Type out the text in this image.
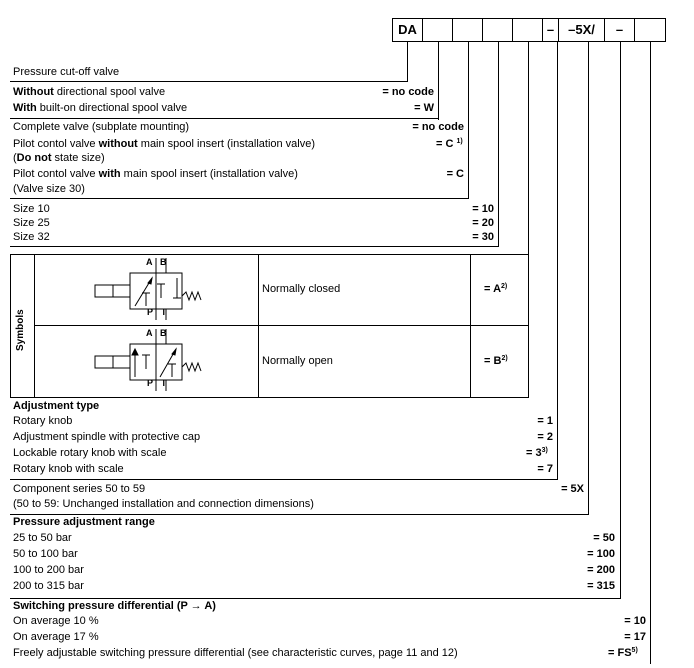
DA	–	–5X/	–
Pressure cut-off valve
Without directional spool valve	= no code
With built-on directional spool valve	= W
Complete valve (subplate mounting)	= no code
Pilot contol valve without main spool insert (installation valve)	= C $^{1)}$
(Do not state size)
Pilot contol valve with main spool insert (installation valve)	= C
(Valve size 30)
Size 10	= 10
Size 25	= 20
Size 32	= 30
Symbols
A B
P T
Normally closed	= $A^{2)}$
A B
P T
Normally open	= $B^{2)}$
Adjustment type
Rotary knob	= 1
Adjustment spindle with protective cap	= 2
Lockable rotary knob with scale	= $3^{3)}$
Rotary knob with scale	= 7
Component series 50 to 59	= 5X
(50 to 59: Unchanged installation and connection dimensions)
Pressure adjustment range
25 to 50 bar	= 50
50 to 100 bar	= 100
100 to 200 bar	= 200
200 to 315 bar	= 315
Switching pressure differential (P → A)
On average 10 %	= 10
On average 17 %	= 17
Freely adjustable switching pressure differential (see characteristic curves, page 11 and 12)	= $FS^{5)}$
